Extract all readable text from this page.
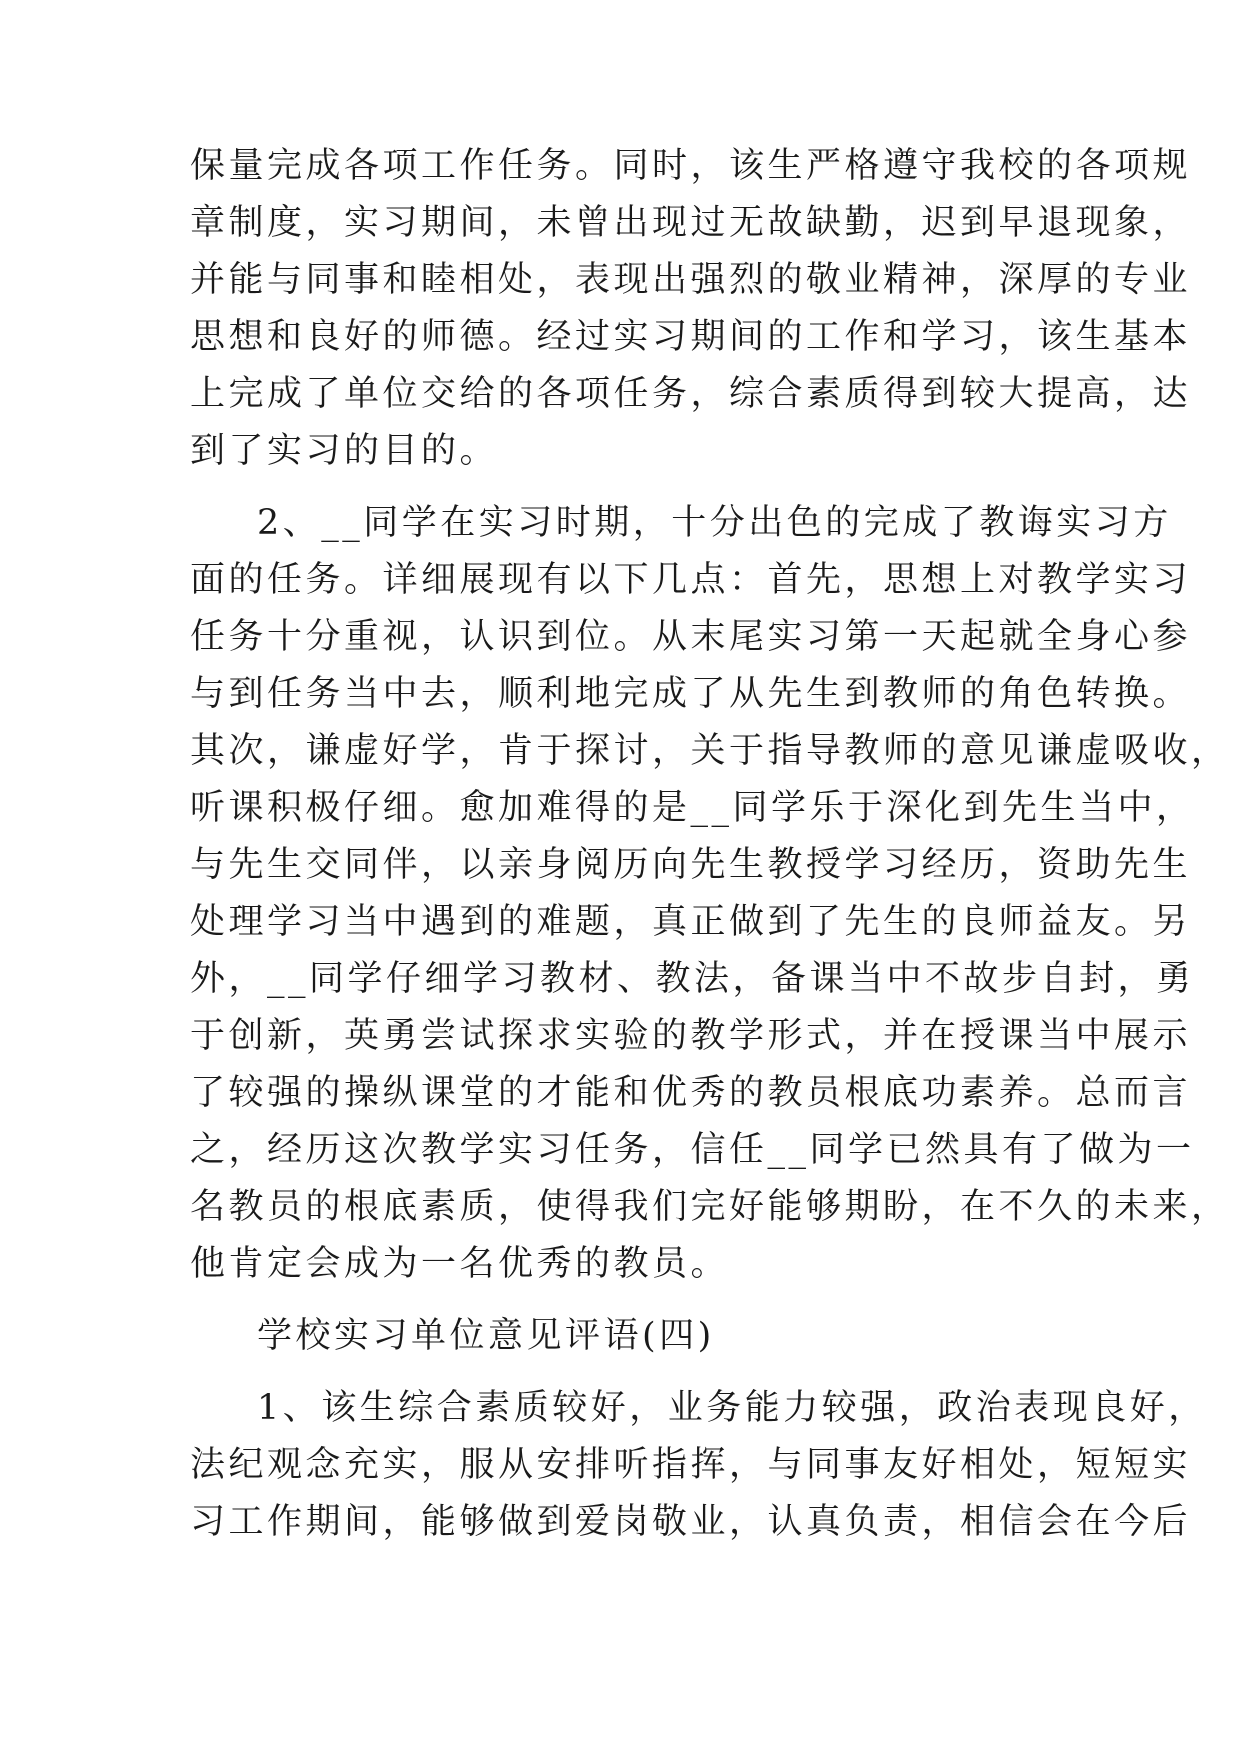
保量完成各项工作任务。同时，该生严格遵守我校的各项规

章制度，实习期间，未曾出现过无故缺勤，迟到早退现象，

并能与同事和睦相处，表现出强烈的敬业精神，深厚的专业

思想和良好的师德。经过实习期间的工作和学习，该生基本

上完成了单位交给的各项任务，综合素质得到较大提高，达

到了实习的目的。

2、__同学在实习时期，十分出色的完成了教诲实习方

面的任务。详细展现有以下几点：首先，思想上对教学实习

任务十分重视，认识到位。从末尾实习第一天起就全身心参

与到任务当中去，顺利地完成了从先生到教师的角色转换。

其次，谦虚好学，肯于探讨，关于指导教师的意见谦虚吸收，

听课积极仔细。愈加难得的是__同学乐于深化到先生当中，

与先生交同伴，以亲身阅历向先生教授学习经历，资助先生

处理学习当中遇到的难题，真正做到了先生的良师益友。另

外，__同学仔细学习教材、教法，备课当中不故步自封，勇

于创新，英勇尝试探求实验的教学形式，并在授课当中展示

了较强的操纵课堂的才能和优秀的教员根底功素养。总而言

之，经历这次教学实习任务，信任__同学已然具有了做为一

名教员的根底素质，使得我们完好能够期盼，在不久的未来，

他肯定会成为一名优秀的教员。

学校实习单位意见评语(四)

1、该生综合素质较好，业务能力较强，政治表现良好，

法纪观念充实，服从安排听指挥，与同事友好相处，短短实

习工作期间，能够做到爱岗敬业，认真负责，相信会在今后
